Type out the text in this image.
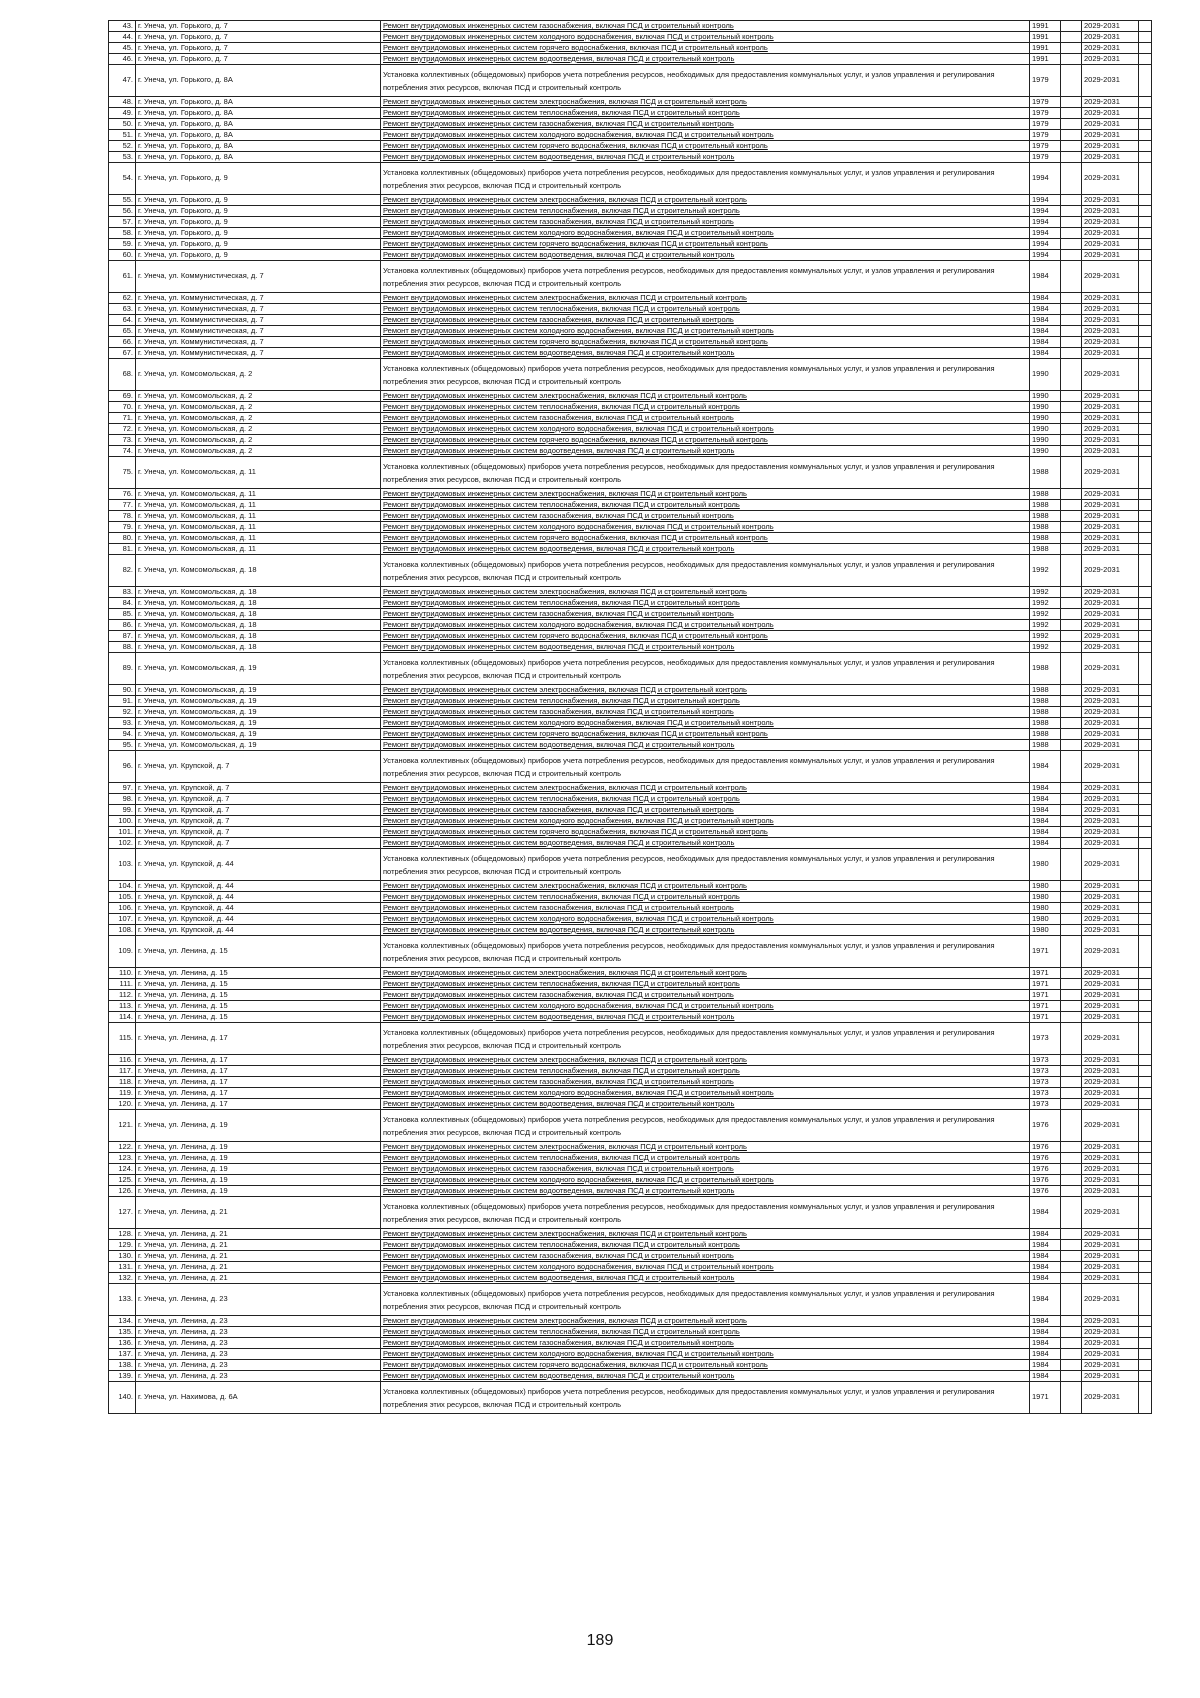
43.	г. Унеча, ул. Горького, д. 7	Ремонт внутридомовых инженерных систем газоснабжения, включая ПСД и строительный контроль	1991		2029-2031	
44.	г. Унеча, ул. Горького, д. 7	Ремонт внутридомовых инженерных систем холодного водоснабжения, включая ПСД и строительный контроль	1991		2029-2031	
45.	г. Унеча, ул. Горького, д. 7	Ремонт внутридомовых инженерных систем горячего водоснабжения, включая ПСД и строительный контроль	1991		2029-2031	
46.	г. Унеча, ул. Горького, д. 7	Ремонт внутридомовых инженерных систем водоотведения, включая ПСД и строительный контроль	1991		2029-2031	
47.	г. Унеча, ул. Горького, д. 8А	Установка коллективных (общедомовых) приборов учета потребления ресурсов, необходимых для предоставления коммунальных услуг, и узлов управления и регулирования потребления этих ресурсов, включая ПСД и строительный контроль	1979		2029-2031	
48.	г. Унеча, ул. Горького, д. 8А	Ремонт внутридомовых инженерных систем электроснабжения, включая ПСД и строительный контроль	1979		2029-2031	
49.	г. Унеча, ул. Горького, д. 8А	Ремонт внутридомовых инженерных систем теплоснабжения, включая ПСД и строительный контроль	1979		2029-2031	
50.	г. Унеча, ул. Горького, д. 8А	Ремонт внутридомовых инженерных систем газоснабжения, включая ПСД и строительный контроль	1979		2029-2031	
51.	г. Унеча, ул. Горького, д. 8А	Ремонт внутридомовых инженерных систем холодного водоснабжения, включая ПСД и строительный контроль	1979		2029-2031	
52.	г. Унеча, ул. Горького, д. 8А	Ремонт внутридомовых инженерных систем горячего водоснабжения, включая ПСД и строительный контроль	1979		2029-2031	
53.	г. Унеча, ул. Горького, д. 8А	Ремонт внутридомовых инженерных систем водоотведения, включая ПСД и строительный контроль	1979		2029-2031	
54.	г. Унеча, ул. Горького, д. 9	Установка коллективных (общедомовых) приборов учета потребления ресурсов, необходимых для предоставления коммунальных услуг, и узлов управления и регулирования потребления этих ресурсов, включая ПСД и строительный контроль	1994		2029-2031	
55.	г. Унеча, ул. Горького, д. 9	Ремонт внутридомовых инженерных систем электроснабжения, включая ПСД и строительный контроль	1994		2029-2031	
56.	г. Унеча, ул. Горького, д. 9	Ремонт внутридомовых инженерных систем теплоснабжения, включая ПСД и строительный контроль	1994		2029-2031	
57.	г. Унеча, ул. Горького, д. 9	Ремонт внутридомовых инженерных систем газоснабжения, включая ПСД и строительный контроль	1994		2029-2031	
58.	г. Унеча, ул. Горького, д. 9	Ремонт внутридомовых инженерных систем холодного водоснабжения, включая ПСД и строительный контроль	1994		2029-2031	
59.	г. Унеча, ул. Горького, д. 9	Ремонт внутридомовых инженерных систем горячего водоснабжения, включая ПСД и строительный контроль	1994		2029-2031	
60.	г. Унеча, ул. Горького, д. 9	Ремонт внутридомовых инженерных систем водоотведения, включая ПСД и строительный контроль	1994		2029-2031	
61.	г. Унеча, ул. Коммунистическая, д. 7	Установка коллективных (общедомовых) приборов учета потребления ресурсов, необходимых для предоставления коммунальных услуг, и узлов управления и регулирования потребления этих ресурсов, включая ПСД и строительный контроль	1984		2029-2031	
62.	г. Унеча, ул. Коммунистическая, д. 7	Ремонт внутридомовых инженерных систем электроснабжения, включая ПСД и строительный контроль	1984		2029-2031	
63.	г. Унеча, ул. Коммунистическая, д. 7	Ремонт внутридомовых инженерных систем теплоснабжения, включая ПСД и строительный контроль	1984		2029-2031	
64.	г. Унеча, ул. Коммунистическая, д. 7	Ремонт внутридомовых инженерных систем газоснабжения, включая ПСД и строительный контроль	1984		2029-2031	
65.	г. Унеча, ул. Коммунистическая, д. 7	Ремонт внутридомовых инженерных систем холодного водоснабжения, включая ПСД и строительный контроль	1984		2029-2031	
66.	г. Унеча, ул. Коммунистическая, д. 7	Ремонт внутридомовых инженерных систем горячего водоснабжения, включая ПСД и строительный контроль	1984		2029-2031	
67.	г. Унеча, ул. Коммунистическая, д. 7	Ремонт внутридомовых инженерных систем водоотведения, включая ПСД и строительный контроль	1984		2029-2031	
68.	г. Унеча, ул. Комсомольская, д. 2	Установка коллективных (общедомовых) приборов учета потребления ресурсов, необходимых для предоставления коммунальных услуг, и узлов управления и регулирования потребления этих ресурсов, включая ПСД и строительный контроль	1990		2029-2031	
69.	г. Унеча, ул. Комсомольская, д. 2	Ремонт внутридомовых инженерных систем электроснабжения, включая ПСД и строительный контроль	1990		2029-2031	
70.	г. Унеча, ул. Комсомольская, д. 2	Ремонт внутридомовых инженерных систем теплоснабжения, включая ПСД и строительный контроль	1990		2029-2031	
71.	г. Унеча, ул. Комсомольская, д. 2	Ремонт внутридомовых инженерных систем газоснабжения, включая ПСД и строительный контроль	1990		2029-2031	
72.	г. Унеча, ул. Комсомольская, д. 2	Ремонт внутридомовых инженерных систем холодного водоснабжения, включая ПСД и строительный контроль	1990		2029-2031	
73.	г. Унеча, ул. Комсомольская, д. 2	Ремонт внутридомовых инженерных систем горячего водоснабжения, включая ПСД и строительный контроль	1990		2029-2031	
74.	г. Унеча, ул. Комсомольская, д. 2	Ремонт внутридомовых инженерных систем водоотведения, включая ПСД и строительный контроль	1990		2029-2031	
75.	г. Унеча, ул. Комсомольская, д. 11	Установка коллективных (общедомовых) приборов учета потребления ресурсов, необходимых для предоставления коммунальных услуг, и узлов управления и регулирования потребления этих ресурсов, включая ПСД и строительный контроль	1988		2029-2031	
76.	г. Унеча, ул. Комсомольская, д. 11	Ремонт внутридомовых инженерных систем электроснабжения, включая ПСД и строительный контроль	1988		2029-2031	
77.	г. Унеча, ул. Комсомольская, д. 11	Ремонт внутридомовых инженерных систем теплоснабжения, включая ПСД и строительный контроль	1988		2029-2031	
78.	г. Унеча, ул. Комсомольская, д. 11	Ремонт внутридомовых инженерных систем газоснабжения, включая ПСД и строительный контроль	1988		2029-2031	
79.	г. Унеча, ул. Комсомольская, д. 11	Ремонт внутридомовых инженерных систем холодного водоснабжения, включая ПСД и строительный контроль	1988		2029-2031	
80.	г. Унеча, ул. Комсомольская, д. 11	Ремонт внутридомовых инженерных систем горячего водоснабжения, включая ПСД и строительный контроль	1988		2029-2031	
81.	г. Унеча, ул. Комсомольская, д. 11	Ремонт внутридомовых инженерных систем водоотведения, включая ПСД и строительный контроль	1988		2029-2031	
82.	г. Унеча, ул. Комсомольская, д. 18	Установка коллективных (общедомовых) приборов учета потребления ресурсов, необходимых для предоставления коммунальных услуг, и узлов управления и регулирования потребления этих ресурсов, включая ПСД и строительный контроль	1992		2029-2031	
83.	г. Унеча, ул. Комсомольская, д. 18	Ремонт внутридомовых инженерных систем электроснабжения, включая ПСД и строительный контроль	1992		2029-2031	
84.	г. Унеча, ул. Комсомольская, д. 18	Ремонт внутридомовых инженерных систем теплоснабжения, включая ПСД и строительный контроль	1992		2029-2031	
85.	г. Унеча, ул. Комсомольская, д. 18	Ремонт внутридомовых инженерных систем газоснабжения, включая ПСД и строительный контроль	1992		2029-2031	
86.	г. Унеча, ул. Комсомольская, д. 18	Ремонт внутридомовых инженерных систем холодного водоснабжения, включая ПСД и строительный контроль	1992		2029-2031	
87.	г. Унеча, ул. Комсомольская, д. 18	Ремонт внутридомовых инженерных систем горячего водоснабжения, включая ПСД и строительный контроль	1992		2029-2031	
88.	г. Унеча, ул. Комсомольская, д. 18	Ремонт внутридомовых инженерных систем водоотведения, включая ПСД и строительный контроль	1992		2029-2031	
89.	г. Унеча, ул. Комсомольская, д. 19	Установка коллективных (общедомовых) приборов учета потребления ресурсов, необходимых для предоставления коммунальных услуг, и узлов управления и регулирования потребления этих ресурсов, включая ПСД и строительный контроль	1988		2029-2031	
90.	г. Унеча, ул. Комсомольская, д. 19	Ремонт внутридомовых инженерных систем электроснабжения, включая ПСД и строительный контроль	1988		2029-2031	
91.	г. Унеча, ул. Комсомольская, д. 19	Ремонт внутридомовых инженерных систем теплоснабжения, включая ПСД и строительный контроль	1988		2029-2031	
92.	г. Унеча, ул. Комсомольская, д. 19	Ремонт внутридомовых инженерных систем газоснабжения, включая ПСД и строительный контроль	1988		2029-2031	
93.	г. Унеча, ул. Комсомольская, д. 19	Ремонт внутридомовых инженерных систем холодного водоснабжения, включая ПСД и строительный контроль	1988		2029-2031	
94.	г. Унеча, ул. Комсомольская, д. 19	Ремонт внутридомовых инженерных систем горячего водоснабжения, включая ПСД и строительный контроль	1988		2029-2031	
95.	г. Унеча, ул. Комсомольская, д. 19	Ремонт внутридомовых инженерных систем водоотведения, включая ПСД и строительный контроль	1988		2029-2031	
96.	г. Унеча, ул. Крупской, д. 7	Установка коллективных (общедомовых) приборов учета потребления ресурсов, необходимых для предоставления коммунальных услуг, и узлов управления и регулирования потребления этих ресурсов, включая ПСД и строительный контроль	1984		2029-2031	
97.	г. Унеча, ул. Крупской, д. 7	Ремонт внутридомовых инженерных систем электроснабжения, включая ПСД и строительный контроль	1984		2029-2031	
98.	г. Унеча, ул. Крупской, д. 7	Ремонт внутридомовых инженерных систем теплоснабжения, включая ПСД и строительный контроль	1984		2029-2031	
99.	г. Унеча, ул. Крупской, д. 7	Ремонт внутридомовых инженерных систем газоснабжения, включая ПСД и строительный контроль	1984		2029-2031	
100.	г. Унеча, ул. Крупской, д. 7	Ремонт внутридомовых инженерных систем холодного водоснабжения, включая ПСД и строительный контроль	1984		2029-2031	
101.	г. Унеча, ул. Крупской, д. 7	Ремонт внутридомовых инженерных систем горячего водоснабжения, включая ПСД и строительный контроль	1984		2029-2031	
102.	г. Унеча, ул. Крупской, д. 7	Ремонт внутридомовых инженерных систем водоотведения, включая ПСД и строительный контроль	1984		2029-2031	
103.	г. Унеча, ул. Крупской, д. 44	Установка коллективных (общедомовых) приборов учета потребления ресурсов, необходимых для предоставления коммунальных услуг, и узлов управления и регулирования потребления этих ресурсов, включая ПСД и строительный контроль	1980		2029-2031	
104.	г. Унеча, ул. Крупской, д. 44	Ремонт внутридомовых инженерных систем электроснабжения, включая ПСД и строительный контроль	1980		2029-2031	
105.	г. Унеча, ул. Крупской, д. 44	Ремонт внутридомовых инженерных систем теплоснабжения, включая ПСД и строительный контроль	1980		2029-2031	
106.	г. Унеча, ул. Крупской, д. 44	Ремонт внутридомовых инженерных систем газоснабжения, включая ПСД и строительный контроль	1980		2029-2031	
107.	г. Унеча, ул. Крупской, д. 44	Ремонт внутридомовых инженерных систем холодного водоснабжения, включая ПСД и строительный контроль	1980		2029-2031	
108.	г. Унеча, ул. Крупской, д. 44	Ремонт внутридомовых инженерных систем водоотведения, включая ПСД и строительный контроль	1980		2029-2031	
109.	г. Унеча, ул. Ленина, д. 15	Установка коллективных (общедомовых) приборов учета потребления ресурсов, необходимых для предоставления коммунальных услуг, и узлов управления и регулирования потребления этих ресурсов, включая ПСД и строительный контроль	1971		2029-2031	
110.	г. Унеча, ул. Ленина, д. 15	Ремонт внутридомовых инженерных систем электроснабжения, включая ПСД и строительный контроль	1971		2029-2031	
111.	г. Унеча, ул. Ленина, д. 15	Ремонт внутридомовых инженерных систем теплоснабжения, включая ПСД и строительный контроль	1971		2029-2031	
112.	г. Унеча, ул. Ленина, д. 15	Ремонт внутридомовых инженерных систем газоснабжения, включая ПСД и строительный контроль	1971		2029-2031	
113.	г. Унеча, ул. Ленина, д. 15	Ремонт внутридомовых инженерных систем холодного водоснабжения, включая ПСД и строительный контроль	1971		2029-2031	
114.	г. Унеча, ул. Ленина, д. 15	Ремонт внутридомовых инженерных систем водоотведения, включая ПСД и строительный контроль	1971		2029-2031	
115.	г. Унеча, ул. Ленина, д. 17	Установка коллективных (общедомовых) приборов учета потребления ресурсов, необходимых для предоставления коммунальных услуг, и узлов управления и регулирования потребления этих ресурсов, включая ПСД и строительный контроль	1973		2029-2031	
116.	г. Унеча, ул. Ленина, д. 17	Ремонт внутридомовых инженерных систем электроснабжения, включая ПСД и строительный контроль	1973		2029-2031	
117.	г. Унеча, ул. Ленина, д. 17	Ремонт внутридомовых инженерных систем теплоснабжения, включая ПСД и строительный контроль	1973		2029-2031	
118.	г. Унеча, ул. Ленина, д. 17	Ремонт внутридомовых инженерных систем газоснабжения, включая ПСД и строительный контроль	1973		2029-2031	
119.	г. Унеча, ул. Ленина, д. 17	Ремонт внутридомовых инженерных систем холодного водоснабжения, включая ПСД и строительный контроль	1973		2029-2031	
120.	г. Унеча, ул. Ленина, д. 17	Ремонт внутридомовых инженерных систем водоотведения, включая ПСД и строительный контроль	1973		2029-2031	
121.	г. Унеча, ул. Ленина, д. 19	Установка коллективных (общедомовых) приборов учета потребления ресурсов, необходимых для предоставления коммунальных услуг, и узлов управления и регулирования потребления этих ресурсов, включая ПСД и строительный контроль	1976		2029-2031	
122.	г. Унеча, ул. Ленина, д. 19	Ремонт внутридомовых инженерных систем электроснабжения, включая ПСД и строительный контроль	1976		2029-2031	
123.	г. Унеча, ул. Ленина, д. 19	Ремонт внутридомовых инженерных систем теплоснабжения, включая ПСД и строительный контроль	1976		2029-2031	
124.	г. Унеча, ул. Ленина, д. 19	Ремонт внутридомовых инженерных систем газоснабжения, включая ПСД и строительный контроль	1976		2029-2031	
125.	г. Унеча, ул. Ленина, д. 19	Ремонт внутридомовых инженерных систем холодного водоснабжения, включая ПСД и строительный контроль	1976		2029-2031	
126.	г. Унеча, ул. Ленина, д. 19	Ремонт внутридомовых инженерных систем водоотведения, включая ПСД и строительный контроль	1976		2029-2031	
127.	г. Унеча, ул. Ленина, д. 21	Установка коллективных (общедомовых) приборов учета потребления ресурсов, необходимых для предоставления коммунальных услуг, и узлов управления и регулирования потребления этих ресурсов, включая ПСД и строительный контроль	1984		2029-2031	
128.	г. Унеча, ул. Ленина, д. 21	Ремонт внутридомовых инженерных систем электроснабжения, включая ПСД и строительный контроль	1984		2029-2031	
129.	г. Унеча, ул. Ленина, д. 21	Ремонт внутридомовых инженерных систем теплоснабжения, включая ПСД и строительный контроль	1984		2029-2031	
130.	г. Унеча, ул. Ленина, д. 21	Ремонт внутридомовых инженерных систем газоснабжения, включая ПСД и строительный контроль	1984		2029-2031	
131.	г. Унеча, ул. Ленина, д. 21	Ремонт внутридомовых инженерных систем холодного водоснабжения, включая ПСД и строительный контроль	1984		2029-2031	
132.	г. Унеча, ул. Ленина, д. 21	Ремонт внутридомовых инженерных систем водоотведения, включая ПСД и строительный контроль	1984		2029-2031	
133.	г. Унеча, ул. Ленина, д. 23	Установка коллективных (общедомовых) приборов учета потребления ресурсов, необходимых для предоставления коммунальных услуг, и узлов управления и регулирования потребления этих ресурсов, включая ПСД и строительный контроль	1984		2029-2031	
134.	г. Унеча, ул. Ленина, д. 23	Ремонт внутридомовых инженерных систем электроснабжения, включая ПСД и строительный контроль	1984		2029-2031	
135.	г. Унеча, ул. Ленина, д. 23	Ремонт внутридомовых инженерных систем теплоснабжения, включая ПСД и строительный контроль	1984		2029-2031	
136.	г. Унеча, ул. Ленина, д. 23	Ремонт внутридомовых инженерных систем газоснабжения, включая ПСД и строительный контроль	1984		2029-2031	
137.	г. Унеча, ул. Ленина, д. 23	Ремонт внутридомовых инженерных систем холодного водоснабжения, включая ПСД и строительный контроль	1984		2029-2031	
138.	г. Унеча, ул. Ленина, д. 23	Ремонт внутридомовых инженерных систем горячего водоснабжения, включая ПСД и строительный контроль	1984		2029-2031	
139.	г. Унеча, ул. Ленина, д. 23	Ремонт внутридомовых инженерных систем водоотведения, включая ПСД и строительный контроль	1984		2029-2031	
140.	г. Унеча, ул. Нахимова, д. 6А	Установка коллективных (общедомовых) приборов учета потребления ресурсов, необходимых для предоставления коммунальных услуг, и узлов управления и регулирования потребления этих ресурсов, включая ПСД и строительный контроль	1971		2029-2031	
189
